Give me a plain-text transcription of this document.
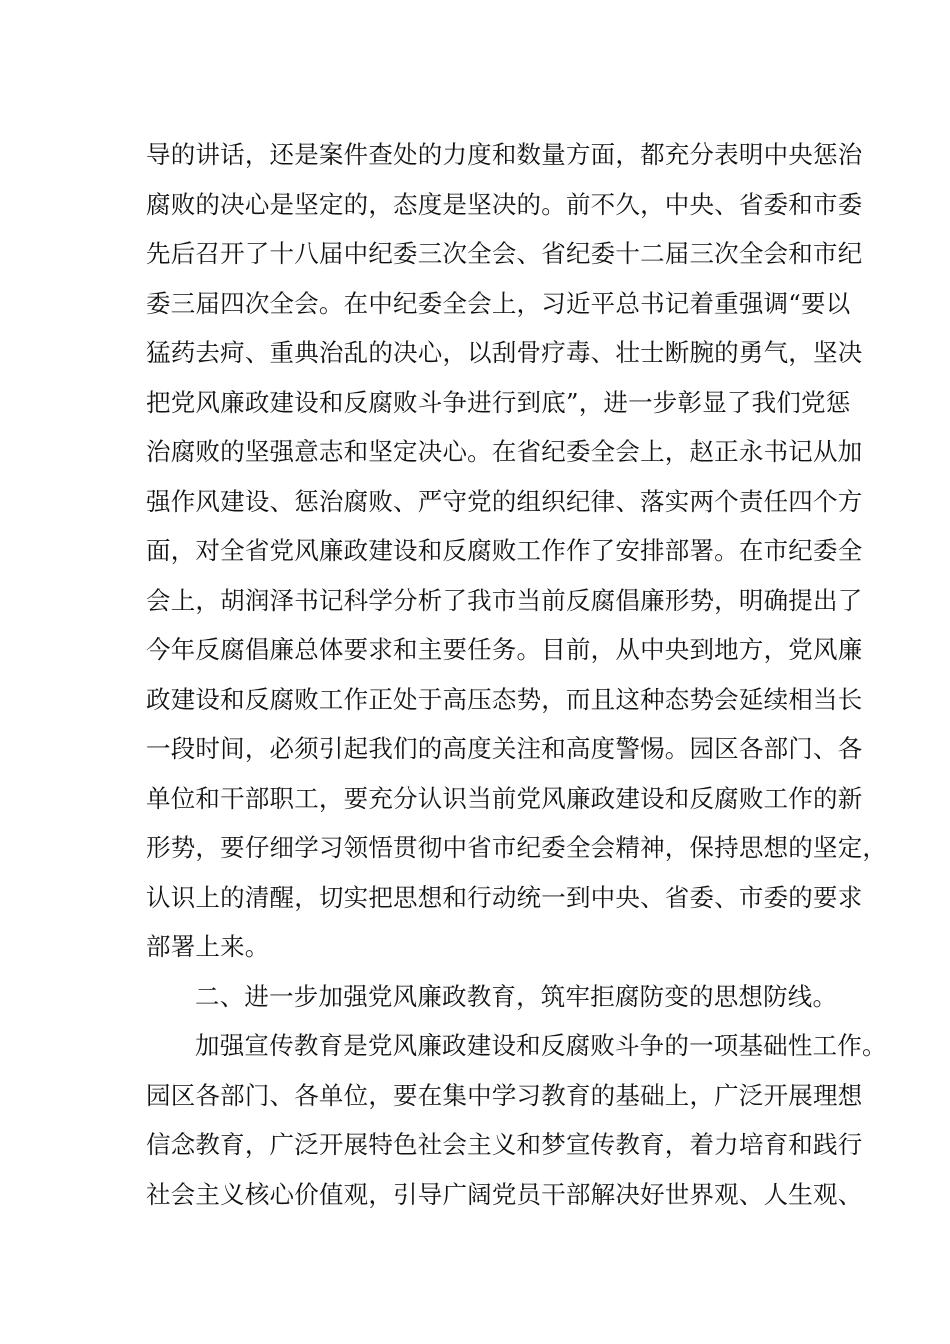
导 的 讲 话 ， 还 是 案 件 查 处 的 力 度 和 数 量 方 面 ， 都 充 分 表 明 中 央 惩 治
腐 败 的 决 心 是 坚 定 的 ， 态 度 是 坚 决 的 。 前 不 久 ， 中 央 、 省 委 和 市 委
先 后 召 开 了 十 八 届 中 纪 委 三 次 全 会 、 省 纪 委 十 二 届 三 次 全 会 和 市 纪
委 三 届 四 次 全 会 。 在 中 纪 委 全 会 上 ， 习 近 平 总 书 记 着 重 强 调 “ 要 以
猛 药 去 疴 、 重 典 治 乱 的 决 心 ， 以 刮 骨 疗 毒 、 壮 士 断 腕 的 勇 气 ， 坚 决
把 党 风 廉 政 建 设 和 反 腐 败 斗 争 进 行 到 底 ” ， 进 一 步 彰 显 了 我 们 党 惩
治 腐 败 的 坚 强 意 志 和 坚 定 决 心 。 在 省 纪 委 全 会 上 ， 赵 正 永 书 记 从 加
强 作 风 建 设 、 惩 治 腐 败 、 严 守 党 的 组 织 纪 律 、 落 实 两 个 责 任 四 个 方
面 ， 对 全 省 党 风 廉 政 建 设 和 反 腐 败 工 作 作 了 安 排 部 署 。 在 市 纪 委 全
会 上 ， 胡 润 泽 书 记 科 学 分 析 了 我 市 当 前 反 腐 倡 廉 形 势 ， 明 确 提 出 了
今 年 反 腐 倡 廉 总 体 要 求 和 主 要 任 务 。 目 前 ， 从 中 央 到 地 方 ， 党 风 廉
政 建 设 和 反 腐 败 工 作 正 处 于 高 压 态 势 ， 而 且 这 种 态 势 会 延 续 相 当 长
一 段 时 间 ， 必 须 引 起 我 们 的 高 度 关 注 和 高 度 警 惕 。 园 区 各 部 门 、 各
单 位 和 干 部 职 工 ， 要 充 分 认 识 当 前 党 风 廉 政 建 设 和 反 腐 败 工 作 的 新
形 势 ， 要 仔 细 学 习 领 悟 贯 彻 中 省 市 纪 委 全 会 精 神 ， 保 持 思 想 的 坚 定 ，
认 识 上 的 清 醒 ， 切 实 把 思 想 和 行 动 统 一 到 中 央 、 省 委 、 市 委 的 要 求
部署上来。
二、进一步加强党风廉政教育，筑牢拒腐防变的思想防线。
加 强 宣 传 教 育 是 党 风 廉 政 建 设 和 反 腐 败 斗 争 的 一 项 基 础 性 工 作 。
园 区 各 部 门 、 各 单 位 ， 要 在 集 中 学 习 教 育 的 基 础 上 ， 广 泛 开 展 理 想
信 念 教 育 ， 广 泛 开 展 特 色 社 会 主 义 和 梦 宣 传 教 育 ， 着 力 培 育 和 践 行
社 会 主 义 核 心 价 值 观 ， 引 导 广 阔 党 员 干 部 解 决 好 世 界 观 、 人 生 观 、
